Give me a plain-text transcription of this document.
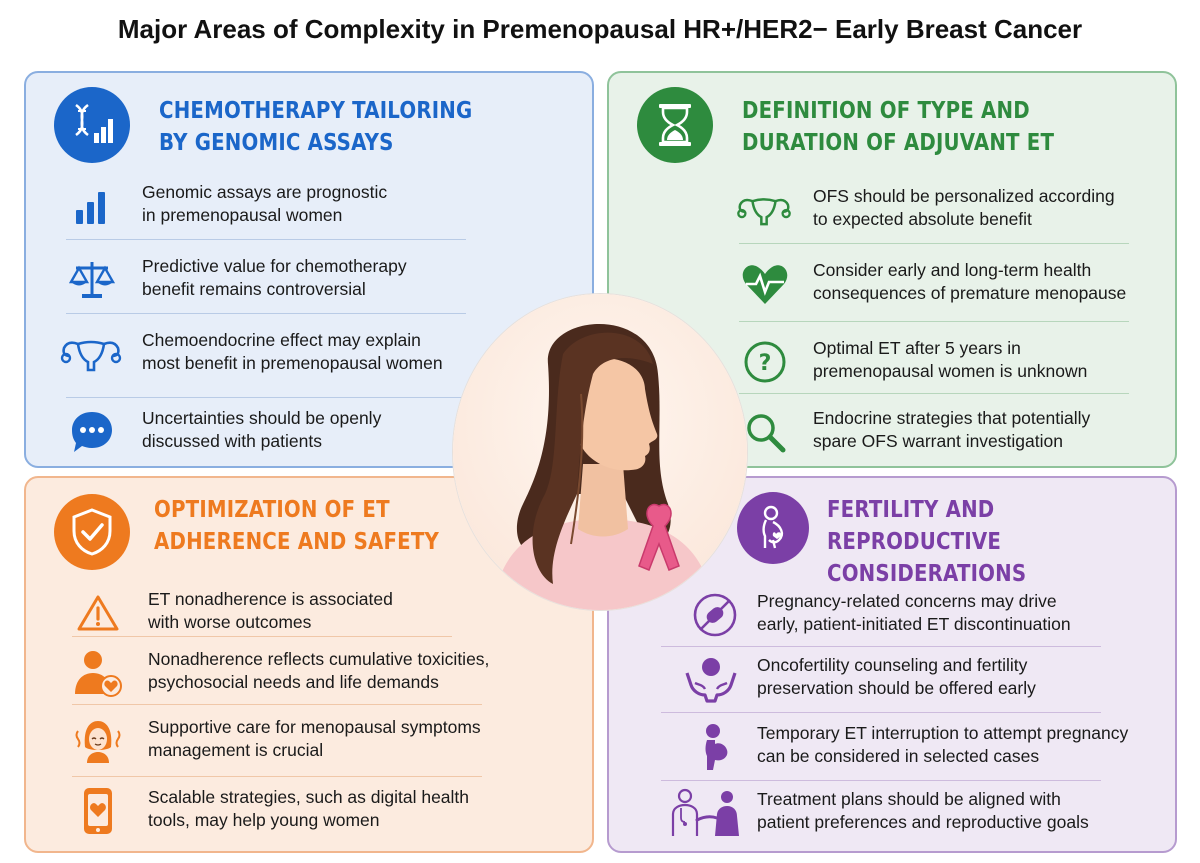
Major Areas of Complexity in Premenopausal HR+/HER2− Early Breast Cancer
CHEMOTHERAPY TAILORING
BY GENOMIC ASSAYS
Genomic assays are prognostic
in premenopausal women
Predictive value for chemotherapy
benefit remains controversial
Chemoendocrine effect may explain
most benefit in premenopausal women
Uncertainties should be openly
discussed with patients
DEFINITION OF TYPE AND
DURATION OF ADJUVANT ET
OFS should be personalized according
to expected absolute benefit
Consider early and long-term health
consequences of premature menopause
?
Optimal ET after 5 years in
premenopausal women is unknown
Endocrine strategies that potentially
spare OFS warrant investigation
OPTIMIZATION OF ET
ADHERENCE AND SAFETY
ET nonadherence is associated
with worse outcomes
Nonadherence reflects cumulative toxicities,
psychosocial needs and life demands
Supportive care for menopausal symptoms
management is crucial
Scalable strategies, such as digital health
tools, may help young women
FERTILITY AND REPRODUCTIVE
CONSIDERATIONS
Pregnancy-related concerns may drive
early, patient-initiated ET discontinuation
Oncofertility counseling and fertility
preservation should be offered early
Temporary ET interruption to attempt pregnancy
can be considered in selected cases
Treatment plans should be aligned with
patient preferences and reproductive goals
